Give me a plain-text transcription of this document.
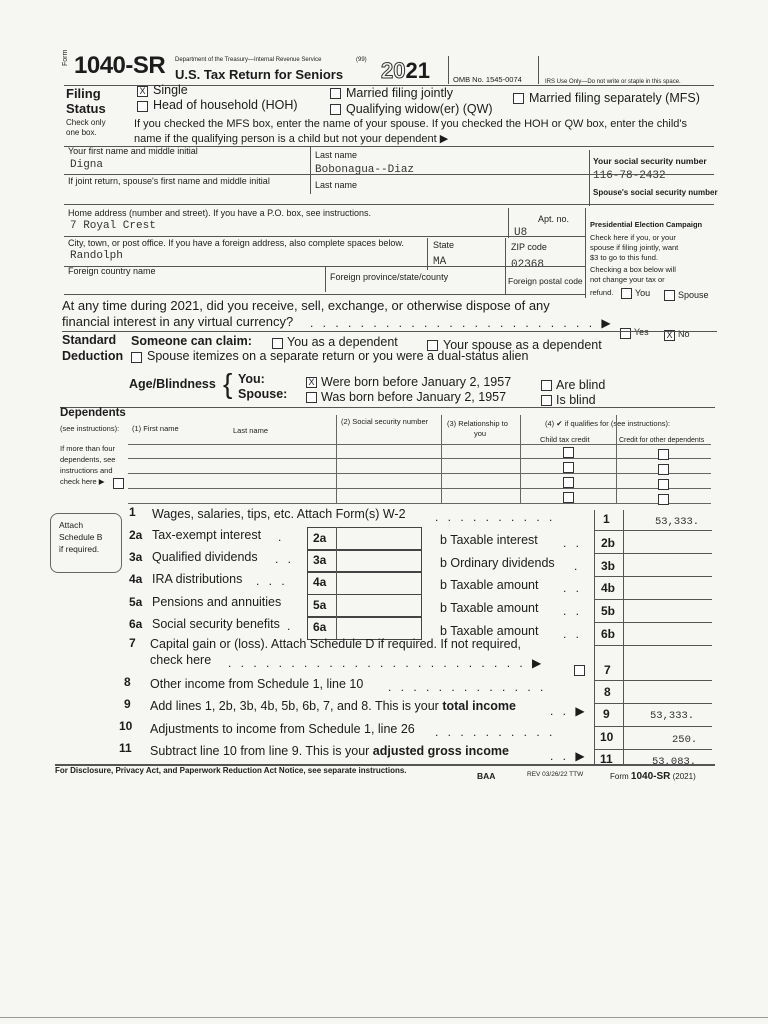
Form 1040-SR Department of the Treasury—Internal Revenue Service	(99)
U.S. Tax Return for Seniors 2021	OMB No. 1545-0074	IRS Use Only—Do not write or staple in this space.
Filing
Status
Check only
one box.
X Single
Head of household (HOH)
Married filing jointly
Qualifying widow(er) (QW)
Married filing separately (MFS)
If you checked the MFS box, enter the name of your spouse. If you checked the HOH or QW box, enter the child's
name if the qualifying person is a child but not your dependent ▶
Your first name and middle initial
Digna
Last name
Bobonagua--Diaz
Your social security number
116-78-2432
If joint return, spouse's first name and middle initial	Last name
Spouse's social security number
Home address (number and street). If you have a P.O. box, see instructions.
7 Royal Crest
Apt. no.
U8
City, town, or post office. If you have a foreign address, also complete spaces below.
Randolph
State
MA
ZIP code
02368
Foreign country name
Foreign province/state/county	Foreign postal code
Presidential Election Campaign
Check here if you, or your
spouse if filing jointly, want
$3 to go to this fund.
Checking a box below will
not change your tax or
refund. You	Spouse
At any time during 2021, did you receive, sell, exchange, or otherwise dispose of any
financial interest in any virtual currency? . . . . . . . . . . . . . . . . . . . . . . . ▶
Yes X No
Standard
Deduction
Someone can claim:	You as a dependent	Your spouse as a dependent
Spouse itemizes on a separate return or you were a dual-status alien
Age/Blindness { You:
Spouse:
X Were born before January 2, 1957
Was born before January 2, 1957
Are blind
Is blind
Dependents
(see instructions): (1) First name	Last name
(2) Social security number	(3) Relationship to
you
(4) ✔ if qualifies for (see instructions):
Child tax credit	Credit for other dependents
If more than four
dependents, see
instructions and
check here ▶
Attach
Schedule B
if required.
1 Wages, salaries, tips, etc. Attach Form(s) W-2 . . . . . . . . . .	1	53,333.
2a Tax-exempt interest . 2a	b Taxable interest . . 2b
3a Qualified dividends . . 3a	b Ordinary dividends . 3b
4a IRA distributions . . . 4a	b Taxable amount . . 4b
5a Pensions and annuities	5a	b Taxable amount . . 5b
6a Social security benefits . 6a	b Taxable amount . . 6b
7 Capital gain or (loss). Attach Schedule D if required. If not required,
check here . . . . . . . . . . . . . . . . . . . . . . . . ▶	7
8 Other income from Schedule 1, line 10 . . . . . . . . . . . . .	8
9 Add lines 1, 2b, 3b, 4b, 5b, 6b, 7, and 8. This is your total income	. . ▶ 9	53,333.
10 Adjustments to income from Schedule 1, line 26 . . . . . . . . . .	10	250.
11 Subtract line 10 from line 9. This is your adjusted gross income	. . ▶ 11	53,083.
For Disclosure, Privacy Act, and Paperwork Reduction Act Notice, see separate instructions.
BAA	REV 03/26/22 TTW	Form 1040-SR (2021)
